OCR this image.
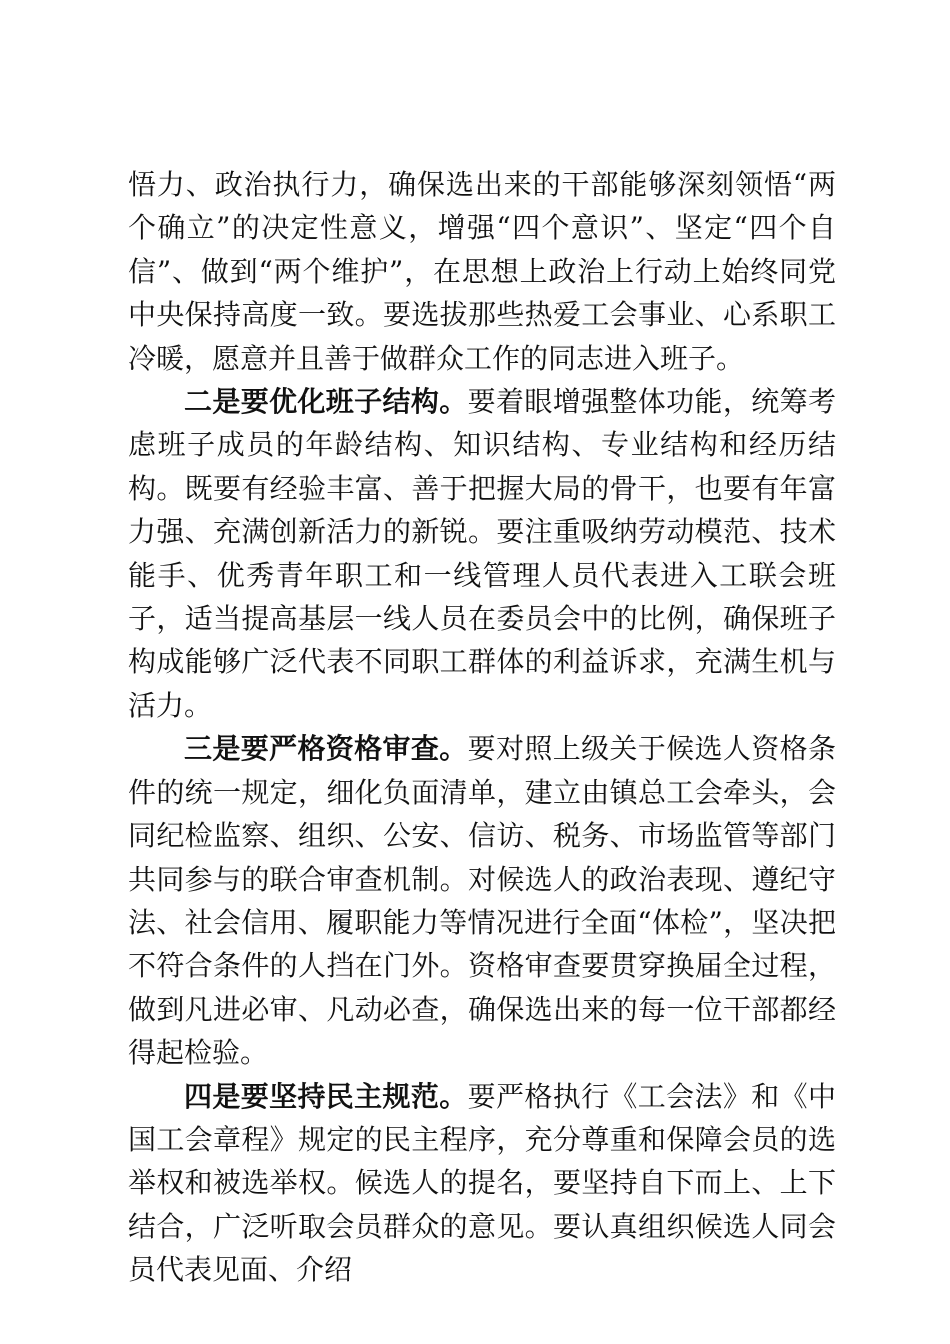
悟力、政治执行力，确保选出来的干部能够深刻领悟“两个确立”的决定性意义，增强“四个意识”、坚定“四个自信”、做到“两个维护”，在思想上政治上行动上始终同党中央保持高度一致。要选拔那些热爱工会事业、心系职工冷暖，愿意并且善于做群众工作的同志进入班子。

二是要优化班子结构。要着眼增强整体功能，统筹考虑班子成员的年龄结构、知识结构、专业结构和经历结构。既要有经验丰富、善于把握大局的骨干，也要有年富力强、充满创新活力的新锐。要注重吸纳劳动模范、技术能手、优秀青年职工和一线管理人员代表进入工联会班子，适当提高基层一线人员在委员会中的比例，确保班子构成能够广泛代表不同职工群体的利益诉求，充满生机与活力。

三是要严格资格审查。要对照上级关于候选人资格条件的统一规定，细化负面清单，建立由镇总工会牵头，会同纪检监察、组织、公安、信访、税务、市场监管等部门共同参与的联合审查机制。对候选人的政治表现、遵纪守法、社会信用、履职能力等情况进行全面“体检”，坚决把不符合条件的人挡在门外。资格审查要贯穿换届全过程，做到凡进必审、凡动必查，确保选出来的每一位干部都经得起检验。

四是要坚持民主规范。要严格执行《工会法》和《中国工会章程》规定的民主程序，充分尊重和保障会员的选举权和被选举权。候选人的提名，要坚持自下而上、上下结合，广泛听取会员群众的意见。要认真组织候选人同会员代表见面、介绍
